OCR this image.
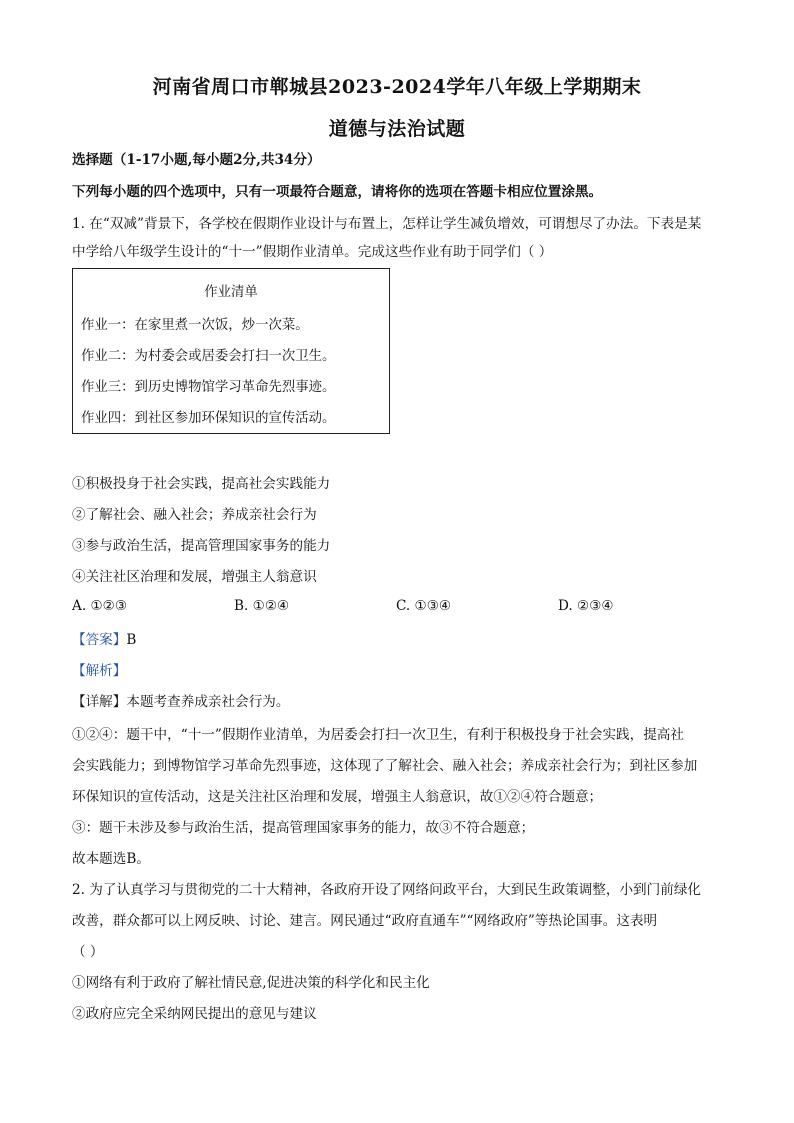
河南省周口市郸城县2023-2024学年八年级上学期期末
道德与法治试题
选择题（1-17小题,每小题2分,共34分）
下列每小题的四个选项中，只有一项最符合题意，请将你的选项在答题卡相应位置涂黑。
1. 在“双减”背景下，各学校在假期作业设计与布置上，怎样让学生减负增效，可谓想尽了办法。下表是某
中学给八年级学生设计的“十一”假期作业清单。完成这些作业有助于同学们（ ）
作业清单
作业一：在家里煮一次饭，炒一次菜。
作业二：为村委会或居委会打扫一次卫生。
作业三：到历史博物馆学习革命先烈事迹。
作业四：到社区参加环保知识的宣传活动。
①积极投身于社会实践，提高社会实践能力
②了解社会、融入社会；养成亲社会行为
③参与政治生活，提高管理国家事务的能力
④关注社区治理和发展，增强主人翁意识
A. ①②③	B. ①②④	C. ①③④	D. ②③④
【答案】B
【解析】
【详解】本题考查养成亲社会行为。
①②④：题干中，“十一”假期作业清单，为居委会打扫一次卫生，有利于积极投身于社会实践，提高社
会实践能力；到博物馆学习革命先烈事迹，这体现了了解社会、融入社会；养成亲社会行为；到社区参加
环保知识的宣传活动，这是关注社区治理和发展，增强主人翁意识，故①②④符合题意；
③：题干未涉及参与政治生活，提高管理国家事务的能力，故③不符合题意；
故本题选B。
2. 为了认真学习与贯彻党的二十大精神，各政府开设了网络问政平台，大到民生政策调整，小到门前绿化
改善，群众都可以上网反映、讨论、建言。网民通过“政府直通车”“网络政府”等热论国事。这表明
（ ）
①网络有利于政府了解社情民意,促进决策的科学化和民主化
②政府应完全采纳网民提出的意见与建议
